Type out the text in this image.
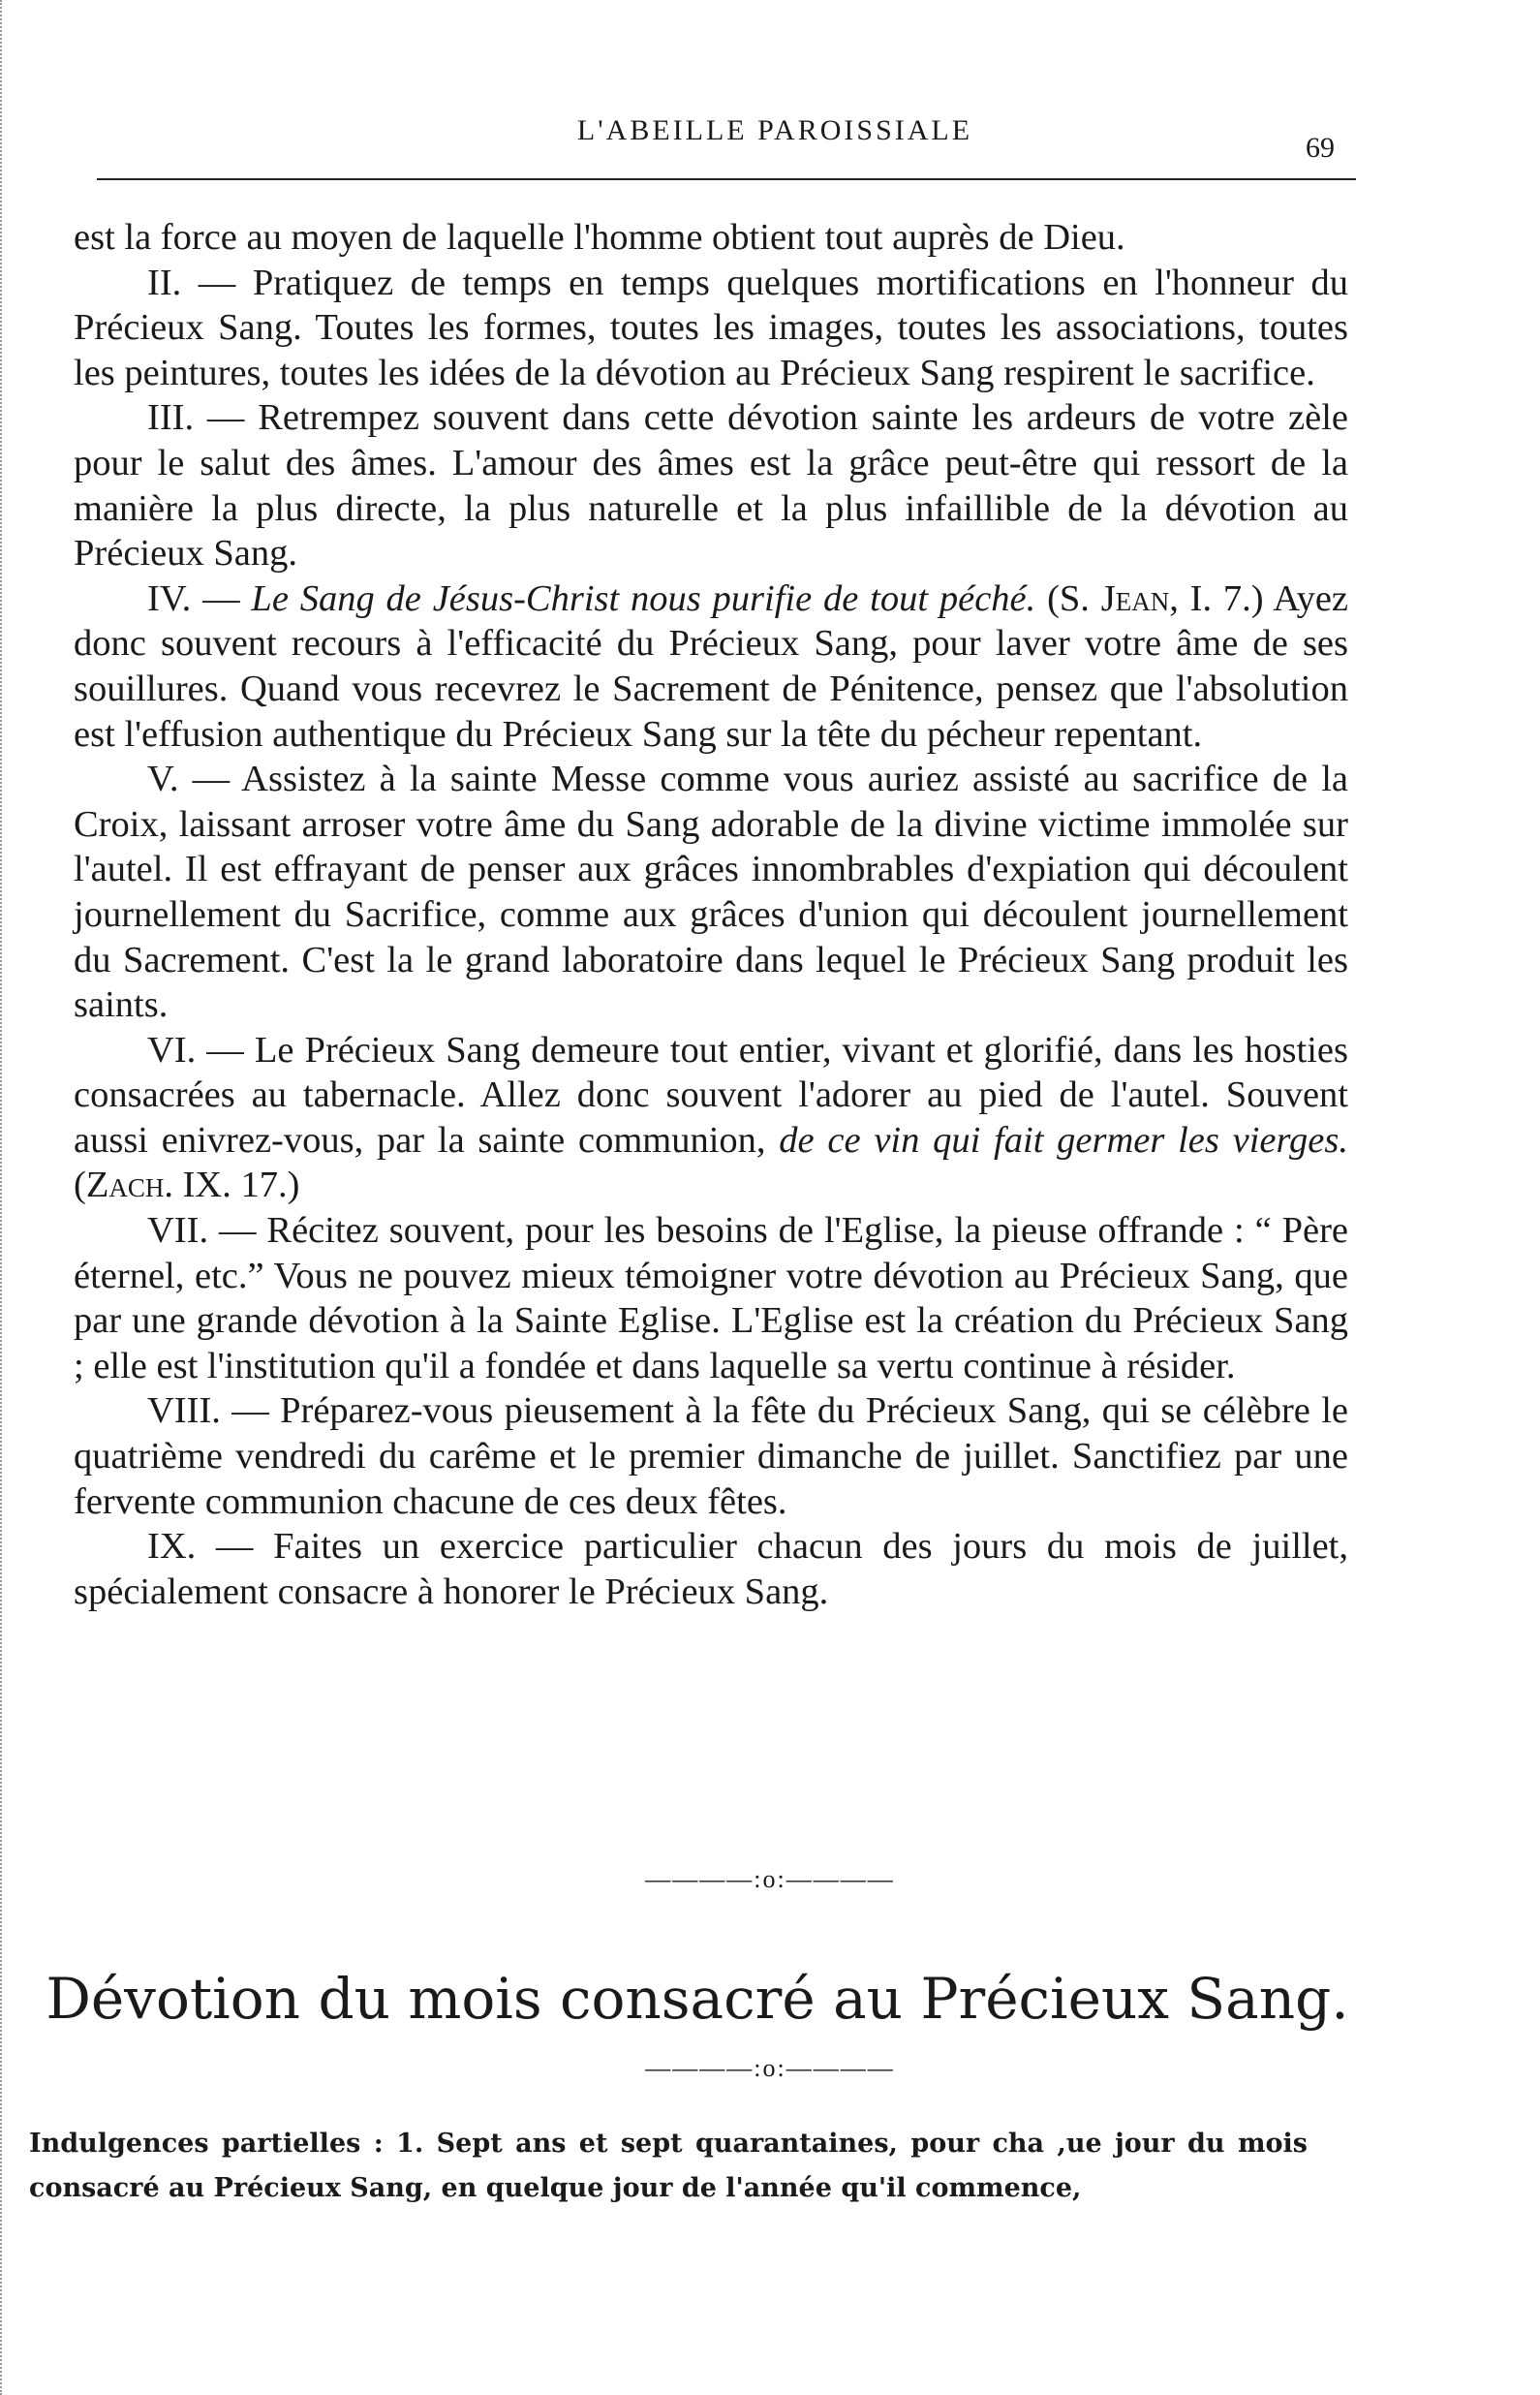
L'ABEILLE PAROISSIALE
69

est la force au moyen de laquelle l'homme obtient tout auprès de Dieu.

II. — Pratiquez de temps en temps quelques mortifications en l'honneur du Précieux Sang. Toutes les formes, toutes les images, toutes les associations, toutes les peintures, toutes les idées de la dévotion au Précieux Sang respirent le sacrifice.

III. — Retrempez souvent dans cette dévotion sainte les ardeurs de votre zèle pour le salut des âmes. L'amour des âmes est la grâce peut-être qui ressort de la manière la plus directe, la plus naturelle et la plus infaillible de la dévotion au Précieux Sang.

IV. — Le Sang de Jésus-Christ nous purifie de tout péché. (S. Jean, I. 7.) Ayez donc souvent recours à l'efficacité du Précieux Sang, pour laver votre âme de ses souillures. Quand vous recevrez le Sacrement de Pénitence, pensez que l'absolution est l'effusion authentique du Précieux Sang sur la tête du pécheur repentant.

V. — Assistez à la sainte Messe comme vous auriez assisté au sacrifice de la Croix, laissant arroser votre âme du Sang adorable de la divine victime immolée sur l'autel. Il est effrayant de penser aux grâces innombrables d'expiation qui découlent journellement du Sacrifice, comme aux grâces d'union qui découlent journellement du Sacrement. C'est la le grand laboratoire dans lequel le Précieux Sang produit les saints.

VI. — Le Précieux Sang demeure tout entier, vivant et glorifié, dans les hosties consacrées au tabernacle. Allez donc souvent l'adorer au pied de l'autel. Souvent aussi enivrez-vous, par la sainte communion, de ce vin qui fait germer les vierges. (Zach. IX. 17.)

VII. — Récitez souvent, pour les besoins de l'Eglise, la pieuse offrande : “ Père éternel, etc.” Vous ne pouvez mieux témoigner votre dévotion au Précieux Sang, que par une grande dévotion à la Sainte Eglise. L'Eglise est la création du Précieux Sang ; elle est l'institution qu'il a fondée et dans laquelle sa vertu continue à résider.

VIII. — Préparez-vous pieusement à la fête du Précieux Sang, qui se célèbre le quatrième vendredi du carême et le premier dimanche de juillet. Sanctifiez par une fervente communion chacune de ces deux fêtes.

IX. — Faites un exercice particulier chacun des jours du mois de juillet, spécialement consacre à honorer le Précieux Sang.

————:o:————
Dévotion du mois consacré au Précieux Sang.
————:o:————

Indulgences partielles : 1. Sept ans et sept quarantaines, pour cha ,ue jour du mois consacré au Précieux Sang, en quelque jour de l'année qu'il commence,
